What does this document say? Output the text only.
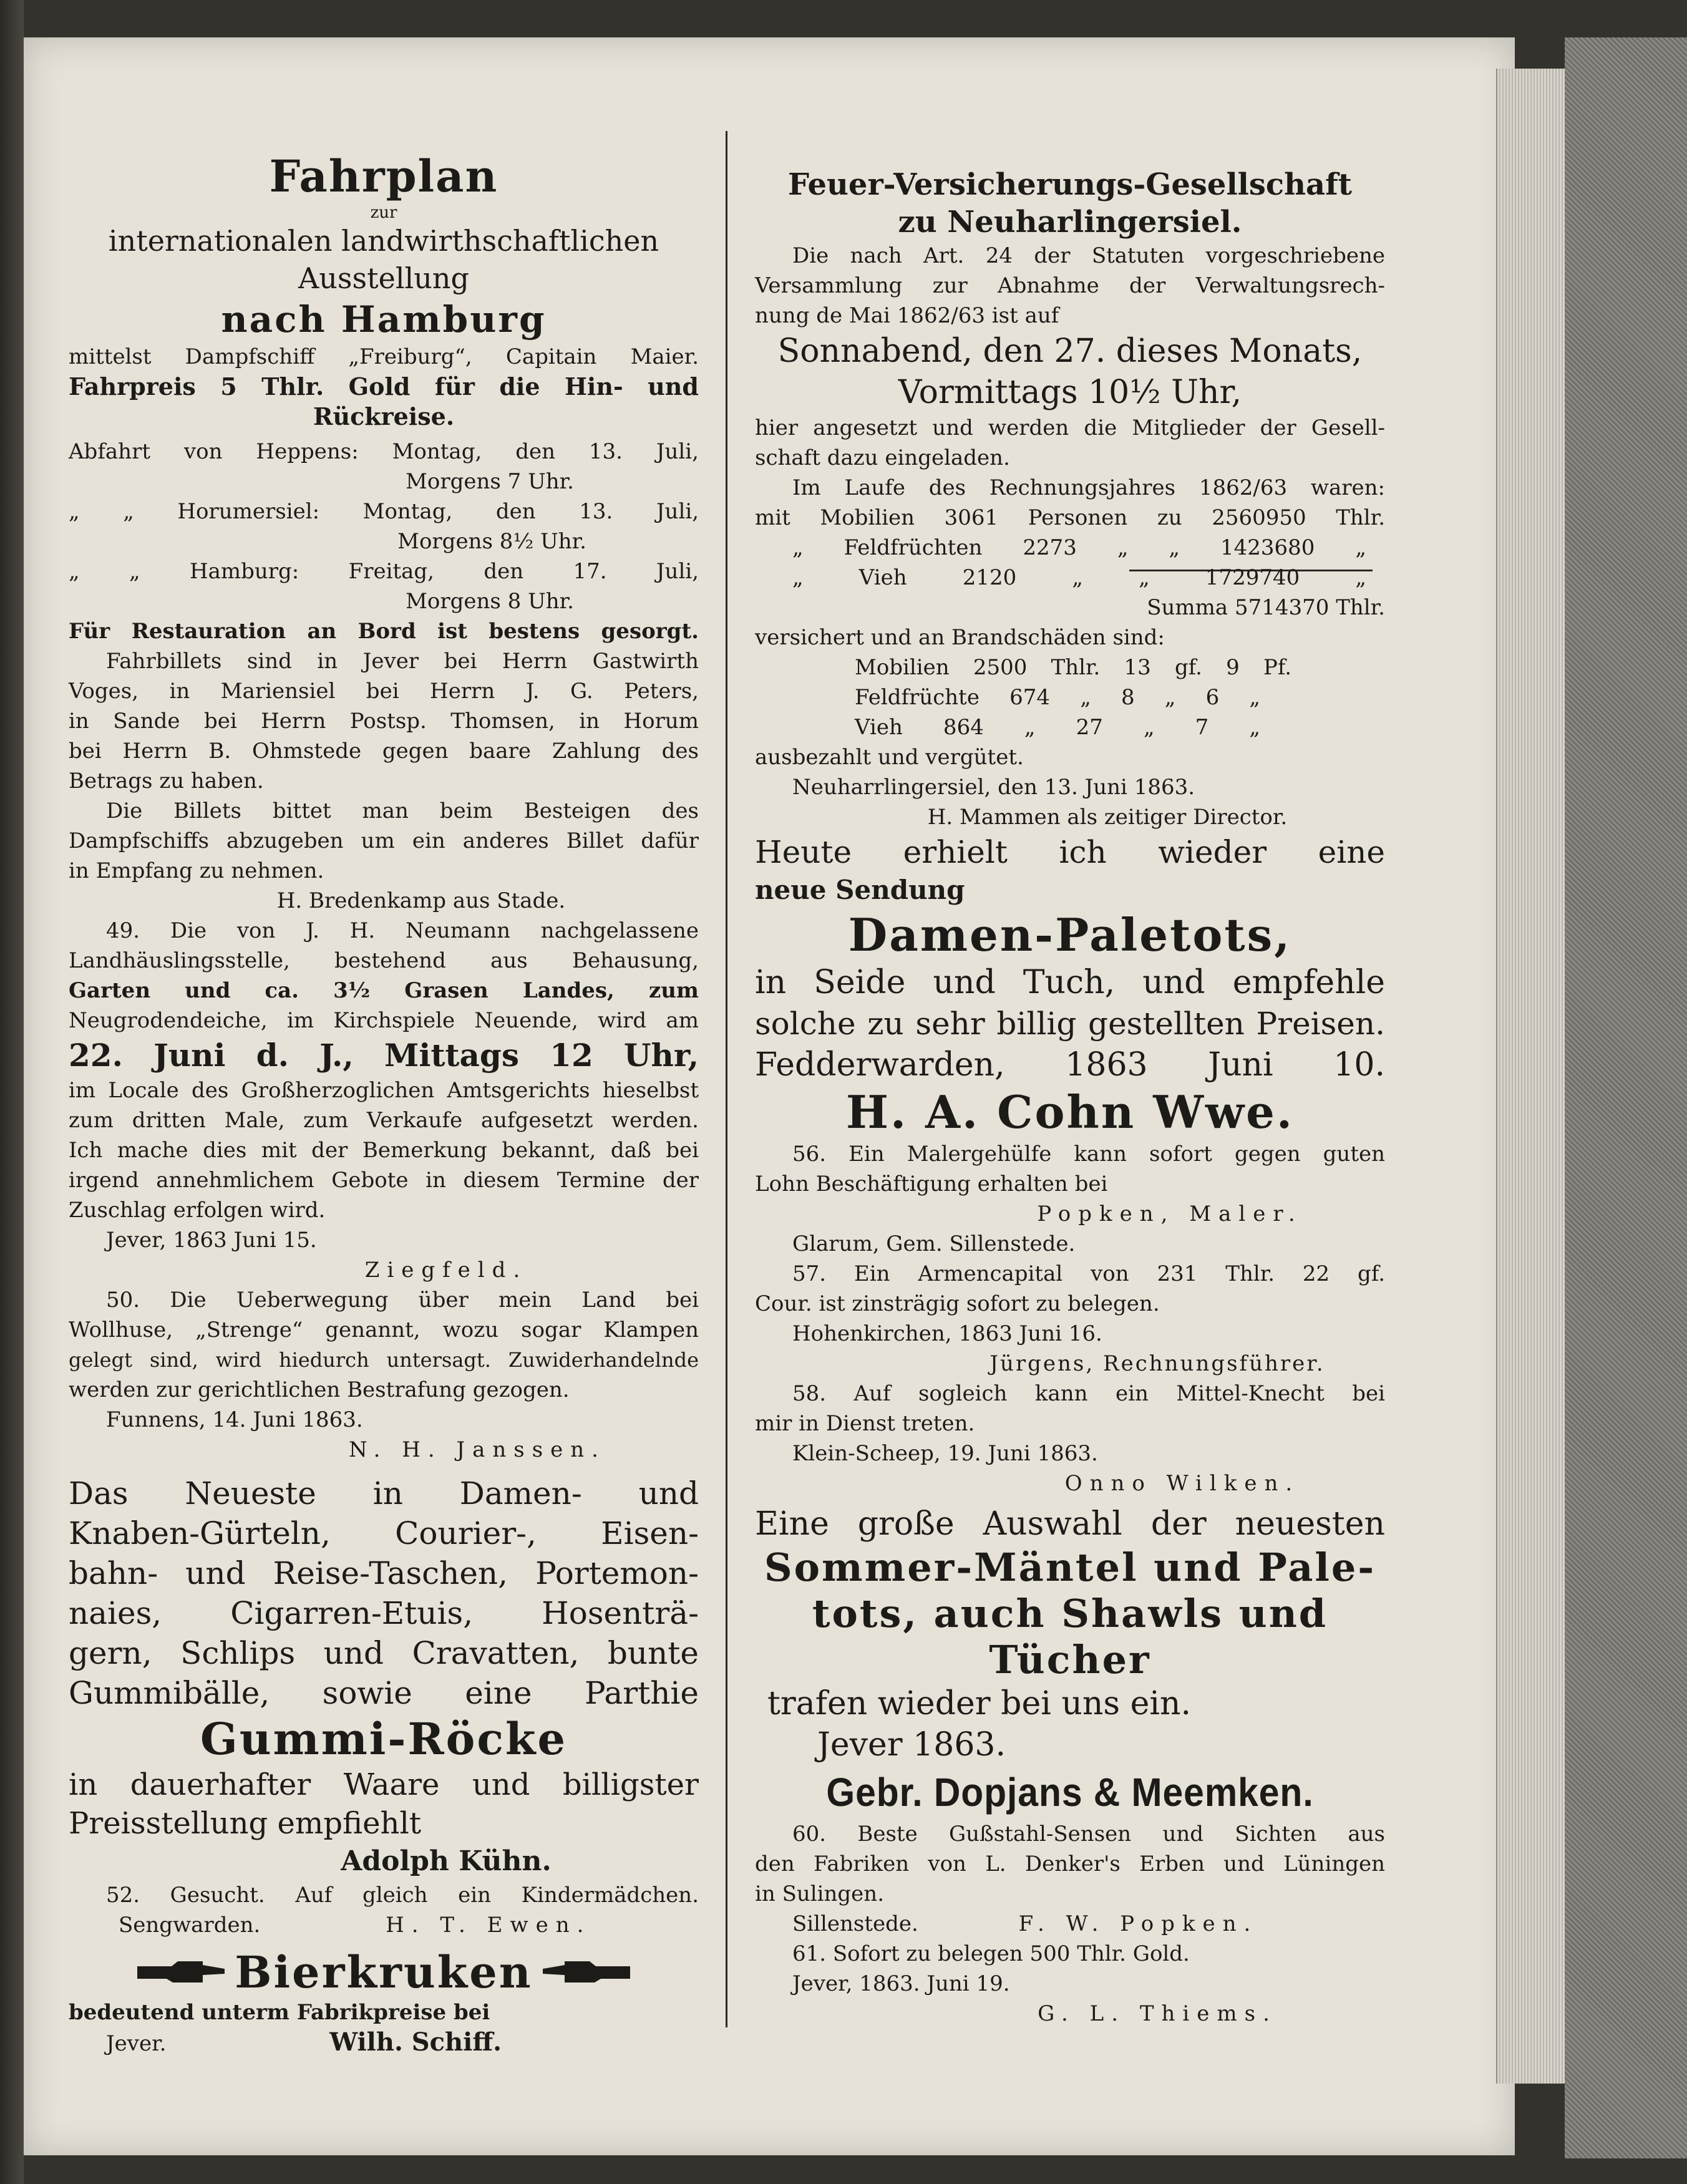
Fahrplan

zur

internationalen landwirthschaftlichen

Ausstellung

nach Hamburg

mittelst Dampfschiff „Freiburg“, Capitain Maier.

Fahrpreis 5 Thlr. Gold für die Hin- und

Rückreise.

Abfahrt von Heppens: Montag, den 13. Juli,

Morgens 7 Uhr.

„ „ Horumersiel: Montag, den 13. Juli,

Morgens 8½ Uhr.

„ „ Hamburg: Freitag, den 17. Juli,

Morgens 8 Uhr.

Für Restauration an Bord ist bestens gesorgt.

Fahrbillets sind in Jever bei Herrn Gastwirth

Voges, in Mariensiel bei Herrn J. G. Peters,

in Sande bei Herrn Postsp. Thomsen, in Horum

bei Herrn B. Ohmstede gegen baare Zahlung des

Betrags zu haben.

Die Billets bittet man beim Besteigen des

Dampfschiffs abzugeben um ein anderes Billet dafür

in Empfang zu nehmen.

H. Bredenkamp aus Stade.

49. Die von J. H. Neumann nachgelassene

Landhäuslingsstelle, bestehend aus Behausung,

Garten und ca. 3½ Grasen Landes, zum

Neugrodendeiche, im Kirchspiele Neuende, wird am

22. Juni d. J., Mittags 12 Uhr,

im Locale des Großherzoglichen Amtsgerichts hieselbst

zum dritten Male, zum Verkaufe aufgesetzt werden.

Ich mache dies mit der Bemerkung bekannt, daß bei

irgend annehmlichem Gebote in diesem Termine der

Zuschlag erfolgen wird.

Jever, 1863 Juni 15.

Ziegfeld.

50. Die Ueberwegung über mein Land bei

Wollhuse, „Strenge“ genannt, wozu sogar Klampen

gelegt sind, wird hiedurch untersagt. Zuwiderhandelnde

werden zur gerichtlichen Bestrafung gezogen.

Funnens, 14. Juni 1863.

N. H. Janssen.

Das Neueste in Damen- und

Knaben-Gürteln, Courier-, Eisen-

bahn- und Reise-Taschen, Portemon-

naies, Cigarren-Etuis, Hosenträ-

gern, Schlips und Cravatten, bunte

Gummibälle, sowie eine Parthie

Gummi-Röcke

in dauerhafter Waare und billigster

Preisstellung empfiehlt

Adolph Kühn.

52. Gesucht. Auf gleich ein Kindermädchen.

Sengwarden.	H. T. Ewen.

Bierkruken

bedeutend unterm Fabrikpreise bei

Jever.	Wilh. Schiff.

Feuer-Versicherungs-Gesellschaft

zu Neuharlingersiel.

Die nach Art. 24 der Statuten vorgeschriebene

Versammlung zur Abnahme der Verwaltungsrech-

nung de Mai 1862/63 ist auf

Sonnabend, den 27. dieses Monats,

Vormittags 10½ Uhr,

hier angesetzt und werden die Mitglieder der Gesell-

schaft dazu eingeladen.

Im Laufe des Rechnungsjahres 1862/63 waren:

mit Mobilien 3061 Personen zu 2560950 Thlr.

„ Feldfrüchten 2273 „ „ 1423680 „

„ Vieh 2120 „ „ 1729740 „

Summa 5714370 Thlr.

versichert und an Brandschäden sind:

Mobilien 2500 Thlr. 13 gf. 9 Pf.

Feldfrüchte 674 „ 8 „ 6 „

Vieh 864 „ 27 „ 7 „

ausbezahlt und vergütet.

Neuharrlingersiel, den 13. Juni 1863.

H. Mammen als zeitiger Director.

Heute erhielt ich wieder eine

neue Sendung

Damen-Paletots,

in Seide und Tuch, und empfehle

solche zu sehr billig gestellten Preisen.

Fedderwarden, 1863 Juni 10.

H. A. Cohn Wwe.

56. Ein Malergehülfe kann sofort gegen guten

Lohn Beschäftigung erhalten bei

Popken, Maler.

Glarum, Gem. Sillenstede.

57. Ein Armencapital von 231 Thlr. 22 gf.

Cour. ist zinsträgig sofort zu belegen.

Hohenkirchen, 1863 Juni 16.

Jürgens, Rechnungsführer.

58. Auf sogleich kann ein Mittel-Knecht bei

mir in Dienst treten.

Klein-Scheep, 19. Juni 1863.

Onno Wilken.

Eine große Auswahl der neuesten

Sommer-Mäntel und Pale-

tots, auch Shawls und

Tücher

trafen wieder bei uns ein.

Jever 1863.

Gebr. Dopjans & Meemken.

60. Beste Gußstahl-Sensen und Sichten aus

den Fabriken von L. Denker's Erben und Lüningen

in Sulingen.

Sillenstede.	F. W. Popken.

61. Sofort zu belegen 500 Thlr. Gold.

Jever, 1863. Juni 19.

G. L. Thiems.
